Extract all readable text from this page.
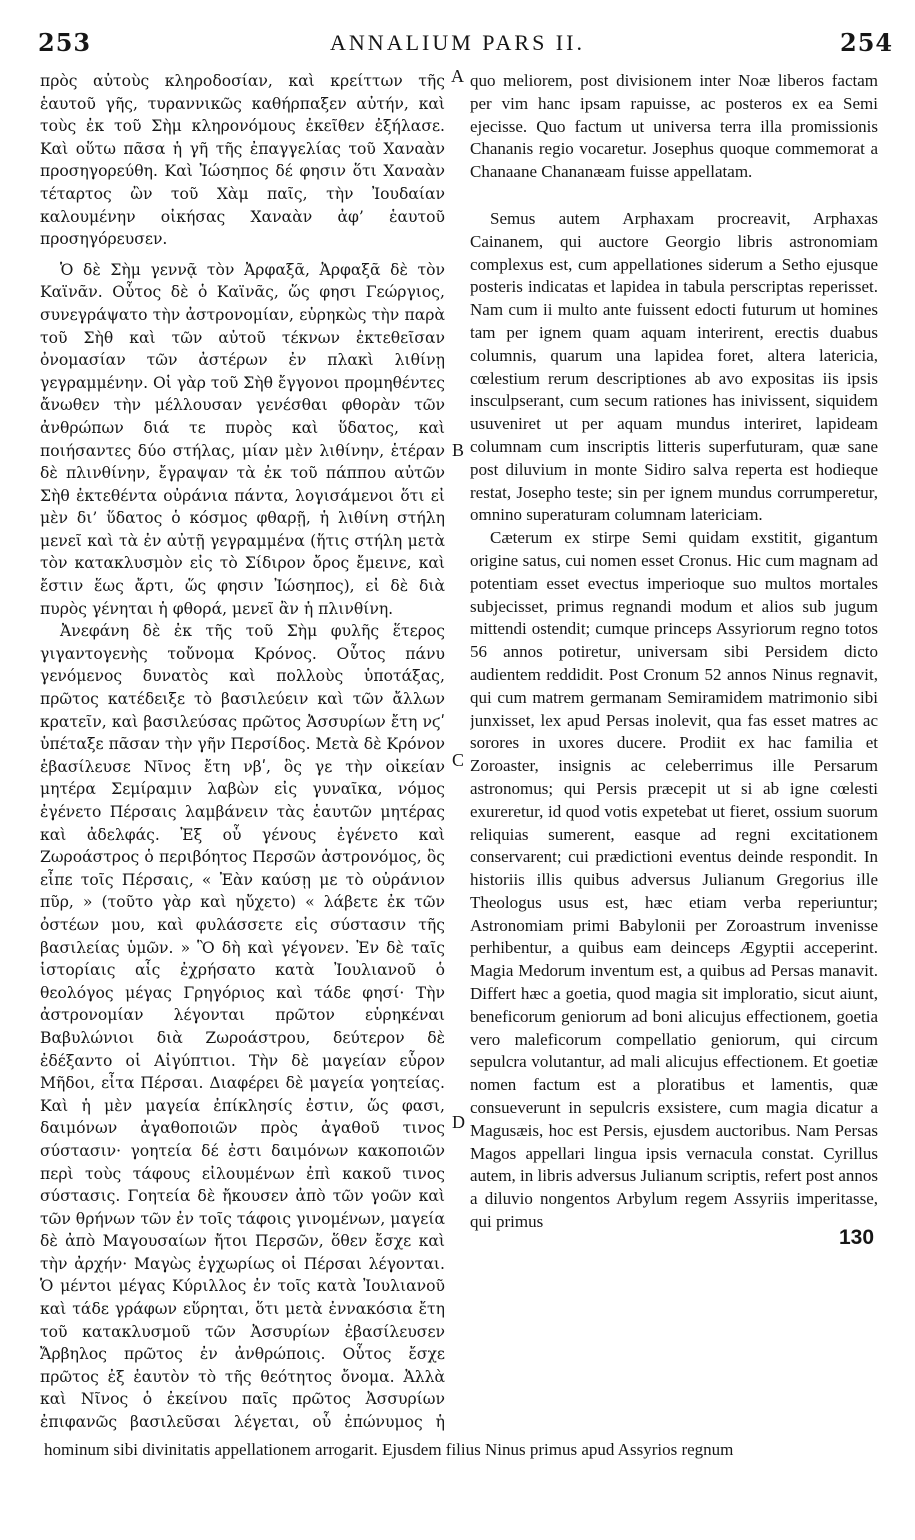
253	ANNALIUM PARS II.	254

πρὸς αὐτοὺς κληροδοσίαν, καὶ κρείττων τῆς ἑαυτοῦ γῆς, τυραννικῶς καθήρπαξεν αὐτήν, καὶ τοὺς ἐκ τοῦ Σὴμ κληρονόμους ἐκεῖθεν ἐξήλασε. Καὶ οὕτω πᾶσα ἡ γῆ τῆς ἐπαγγελίας τοῦ Χαναὰν προσηγορεύθη. Καὶ Ἰώσηπος δέ φησιν ὅτι Χαναὰν τέταρτος ὢν τοῦ Χὰμ παῖς, τὴν Ἰουδαίαν καλουμένην οἰκήσας Χαναὰν ἀφ’ ἑαυτοῦ προσηγόρευσεν.

Ὁ δὲ Σὴμ γεννᾷ τὸν Ἀρφαξᾶ, Ἀρφαξᾶ δὲ τὸν Καϊνᾶν. Οὗτος δὲ ὁ Καϊνᾶς, ὥς φησι Γεώργιος, συνεγράψατο τὴν ἀστρονομίαν, εὑρηκὼς τὴν παρὰ τοῦ Σὴθ καὶ τῶν αὐτοῦ τέκνων ἐκτεθεῖσαν ὀνομασίαν τῶν ἀστέρων ἐν πλακὶ λιθίνῃ γεγραμμένην. Οἱ γὰρ τοῦ Σὴθ ἔγγονοι προμηθέντες ἄνωθεν τὴν μέλλουσαν γενέσθαι φθορὰν τῶν ἀνθρώπων διά τε πυρὸς καὶ ὕδατος, καὶ ποιήσαντες δύο στήλας, μίαν μὲν λιθίνην, ἑτέραν δὲ πλινθίνην, ἔγραψαν τὰ ἐκ τοῦ πάππου αὐτῶν Σὴθ ἐκτεθέντα οὐράνια πάντα, λογισάμενοι ὅτι εἰ μὲν δι’ ὕδατος ὁ κόσμος φθαρῇ, ἡ λιθίνη στήλη μενεῖ καὶ τὰ ἐν αὐτῇ γεγραμμένα (ἥτις στήλη μετὰ τὸν κατακλυσμὸν εἰς τὸ Σίδιρον ὄρος ἔμεινε, καὶ ἔστιν ἕως ἄρτι, ὥς φησιν Ἰώσηπος), εἰ δὲ διὰ πυρὸς γένηται ἡ φθορά, μενεῖ ἂν ἡ πλινθίνη.

Ἀνεφάνη δὲ ἐκ τῆς τοῦ Σὴμ φυλῆς ἕτερος γιγαντογενὴς τοὔνομα Κρόνος. Οὗτος πάνυ γενόμενος δυνατὸς καὶ πολλοὺς ὑποτάξας, πρῶτος κατέδειξε τὸ βασιλεύειν καὶ τῶν ἄλλων κρατεῖν, καὶ βασιλεύσας πρῶτος Ἀσσυρίων ἔτη νϛʹ ὑπέταξε πᾶσαν τὴν γῆν Περσίδος. Μετὰ δὲ Κρόνον ἐβασίλευσε Νῖνος ἔτη νβʹ, ὃς γε τὴν οἰκείαν μητέρα Σεμίραμιν λαβὼν εἰς γυναῖκα, νόμος ἐγένετο Πέρσαις λαμβάνειν τὰς ἑαυτῶν μητέρας καὶ ἀδελφάς. Ἐξ οὗ γένους ἐγένετο καὶ Ζωροάστρος ὁ περιβόητος Περσῶν ἀστρονόμος, ὃς εἶπε τοῖς Πέρσαις, « Ἐὰν καύσῃ με τὸ οὐράνιον πῦρ, » (τοῦτο γὰρ καὶ ηὔχετο) « λάβετε ἐκ τῶν ὀστέων μου, καὶ φυλάσσετε εἰς σύστασιν τῆς βασιλείας ὑμῶν. » Ὃ δὴ καὶ γέγονεν. Ἐν δὲ ταῖς ἱστορίαις αἷς ἐχρήσατο κατὰ Ἰουλιανοῦ ὁ θεολόγος μέγας Γρηγόριος καὶ τάδε φησί· Τὴν ἀστρονομίαν λέγονται πρῶτον εὑρηκέναι Βαβυλώνιοι διὰ Ζωροάστρου, δεύτερον δὲ ἐδέξαντο οἱ Αἰγύπτιοι. Τὴν δὲ μαγείαν εὗρον Μῆδοι, εἶτα Πέρσαι. Διαφέρει δὲ μαγεία γοητείας. Καὶ ἡ μὲν μαγεία ἐπίκλησίς ἐστιν, ὥς φασι, δαιμόνων ἀγαθοποιῶν πρὸς ἀγαθοῦ τινος σύστασιν· γοητεία δέ ἐστι δαιμόνων κακοποιῶν περὶ τοὺς τάφους εἰλουμένων ἐπὶ κακοῦ τινος σύστασις. Γοητεία δὲ ἤκουσεν ἀπὸ τῶν γοῶν καὶ τῶν θρήνων τῶν ἐν τοῖς τάφοις γινομένων, μαγεία δὲ ἀπὸ Μαγουσαίων ἤτοι Περσῶν, ὅθεν ἔσχε καὶ τὴν ἀρχήν· Μαγὼς ἐγχωρίως οἱ Πέρσαι λέγονται. Ὁ μέντοι μέγας Κύριλλος ἐν τοῖς κατὰ Ἰουλιανοῦ καὶ τάδε γράφων εὕρηται, ὅτι μετὰ ἐννακόσια ἔτη τοῦ κατακλυσμοῦ τῶν Ἀσσυρίων ἐβασίλευσεν Ἄρβηλος πρῶτος ἐν ἀνθρώποις. Οὗτος ἔσχε πρῶτος ἐξ ἑαυτὸν τὸ τῆς θεότητος ὄνομα. Ἀλλὰ καὶ Νῖνος ὁ ἐκείνου παῖς πρῶτος Ἀσσυρίων ἐπιφανῶς βασιλεῦσαι λέγεται, οὗ ἐπώνυμος ἡ

A
B
C
D

quo meliorem, post divisionem inter Noæ liberos factam per vim hanc ipsam rapuisse, ac posteros ex ea Semi ejecisse. Quo factum ut universa terra illa promissionis Chananis regio vocaretur. Josephus quoque commemorat a Chanaane Chananæam fuisse appellatam.

Semus autem Arphaxam procreavit, Arphaxas Cainanem, qui auctore Georgio libris astronomiam complexus est, cum appellationes siderum a Setho ejusque posteris indicatas et lapidea in tabula perscriptas reperisset. Nam cum ii multo ante fuissent edocti futurum ut homines tam per ignem quam aquam interirent, erectis duabus columnis, quarum una lapidea foret, altera latericia, cœlestium rerum descriptiones ab avo expositas iis ipsis insculpserant, cum secum rationes has inivissent, siquidem usuveniret ut per aquam mundus interiret, lapideam columnam cum inscriptis litteris superfuturam, quæ sane post diluvium in monte Sidiro salva reperta est hodieque restat, Josepho teste; sin per ignem mundus corrumperetur, omnino superaturam columnam latericiam.

Cæterum ex stirpe Semi quidam exstitit, gigantum origine satus, cui nomen esset Cronus. Hic cum magnam ad potentiam esset evectus imperioque suo multos mortales subjecisset, primus regnandi modum et alios sub jugum mittendi ostendit; cumque princeps Assyriorum regno totos 56 annos potiretur, universam sibi Persidem dicto audientem reddidit. Post Cronum 52 annos Ninus regnavit, qui cum matrem germanam Semiramidem matrimonio sibi junxisset, lex apud Persas inolevit, qua fas esset matres ac sorores in uxores ducere. Prodiit ex hac familia et Zoroaster, insignis ac celeberrimus ille Persarum astronomus; qui Persis præcepit ut si ab igne cœlesti exureretur, id quod votis expetebat ut fieret, ossium suorum reliquias sumerent, easque ad regni excitationem conservarent; cui prædictioni eventus deinde respondit. In historiis illis quibus adversus Julianum Gregorius ille Theologus usus est, hæc etiam verba reperiuntur; Astronomiam primi Babylonii per Zoroastrum invenisse perhibentur, a quibus eam deinceps Ægyptii acceperint. Magia Medorum inventum est, a quibus ad Persas manavit. Differt hæc a goetia, quod magia sit imploratio, sicut aiunt, beneficorum geniorum ad boni alicujus effectionem, goetia vero maleficorum compellatio geniorum, qui circum sepulcra volutantur, ad mali alicujus effectionem. Et goetiæ nomen factum est a ploratibus et lamentis, quæ consueverunt in sepulcris exsistere, cum magia dicatur a Magusæis, hoc est Persis, ejusdem auctoribus. Nam Persas Magos appellari lingua ipsis vernacula constat. Cyrillus autem, in libris adversus Julianum scriptis, refert post annos a diluvio nongentos Arbylum regem Assyriis imperitasse, qui primus

130
hominum sibi divinitatis appellationem arrogarit. Ejusdem filius Ninus primus apud Assyrios regnum
